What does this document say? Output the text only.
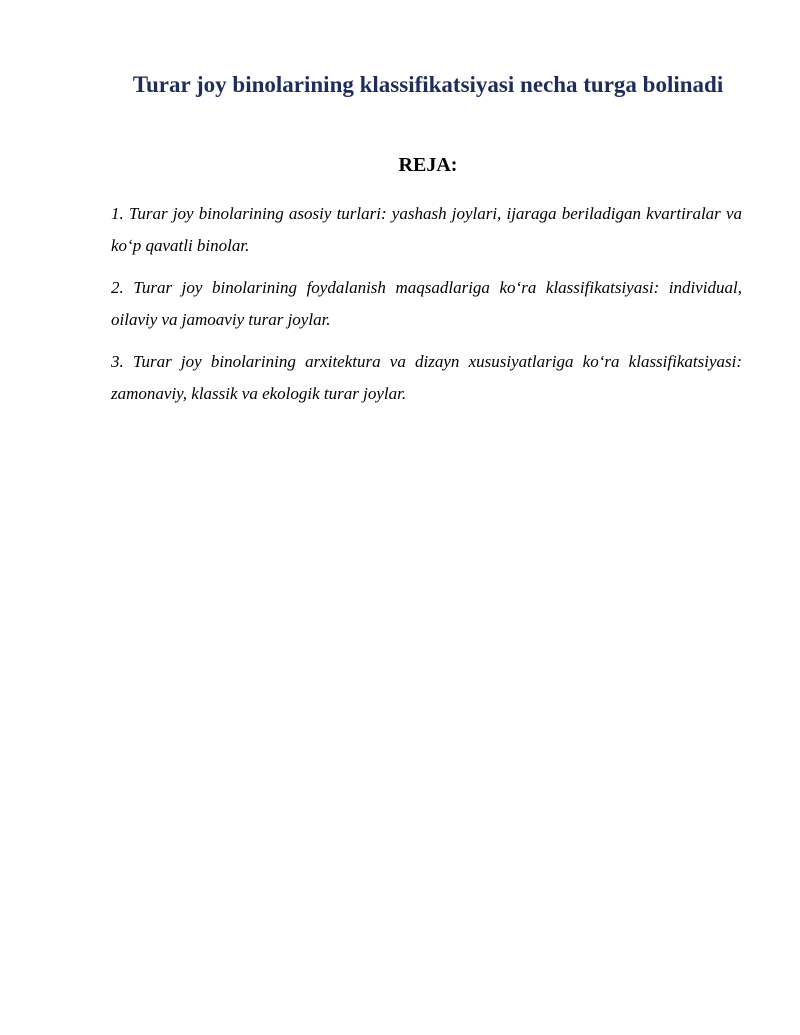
Turar joy binolarining klassifikatsiyasi necha turga bolinadi
REJA:
1. Turar joy binolarining asosiy turlari: yashash joylari, ijaraga beriladigan kvartiralar va ko‘p qavatli binolar.
2. Turar joy binolarining foydalanish maqsadlariga ko‘ra klassifikatsiyasi: individual, oilaviy va jamoaviy turar joylar.
3. Turar joy binolarining arxitektura va dizayn xususiyatlariga ko‘ra klassifikatsiyasi: zamonaviy, klassik va ekologik turar joylar.
